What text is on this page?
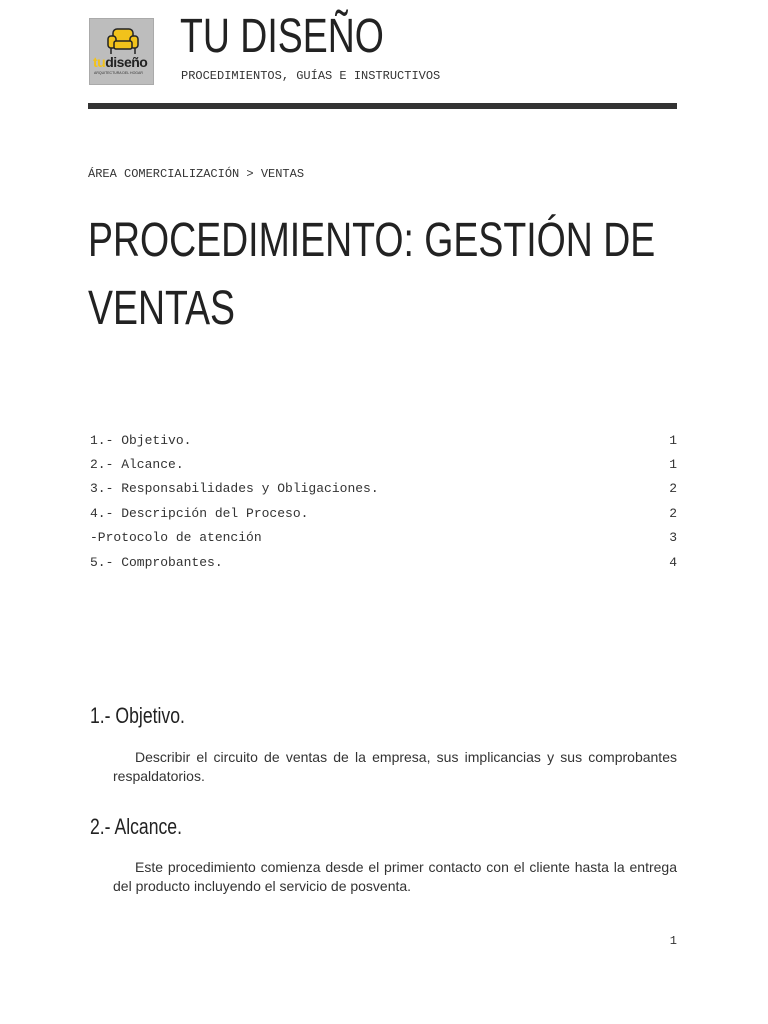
tudiseño
ARQUITECTURA DEL HOGAR
TU DISEÑO
PROCEDIMIENTOS, GUÍAS E INSTRUCTIVOS
ÁREA COMERCIALIZACIÓN > VENTAS
PROCEDIMIENTO: GESTIÓN DE VENTAS
1.- Objetivo.	1
2.- Alcance.	1
3.- Responsabilidades y Obligaciones.	2
4.- Descripción del Proceso.	2
-Protocolo de atención	3
5.- Comprobantes.	4
1.- Objetivo.
Describir el circuito de ventas de la empresa, sus implicancias y sus comprobantes respaldatorios.
2.- Alcance.
Este procedimiento comienza desde el primer contacto con el cliente hasta la entrega del producto incluyendo el servicio de posventa.
1
